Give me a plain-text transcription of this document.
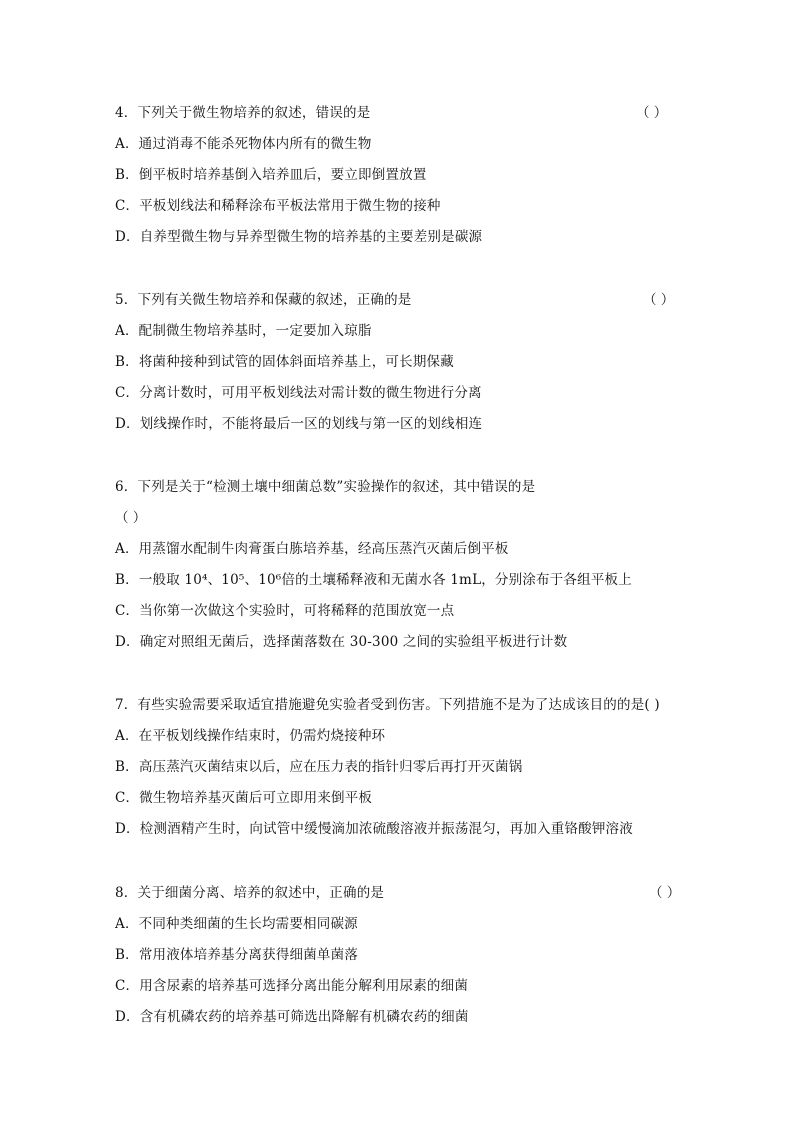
4．下列关于微生物培养的叙述，错误的是	（ ）
A．通过消毒不能杀死物体内所有的微生物
B．倒平板时培养基倒入培养皿后，要立即倒置放置
C．平板划线法和稀释涂布平板法常用于微生物的接种
D．自养型微生物与异养型微生物的培养基的主要差别是碳源
5．下列有关微生物培养和保藏的叙述，正确的是	（ ）
A．配制微生物培养基时，一定要加入琼脂
B．将菌种接种到试管的固体斜面培养基上，可长期保藏
C．分离计数时，可用平板划线法对需计数的微生物进行分离
D．划线操作时，不能将最后一区的划线与第一区的划线相连
6．下列是关于“检测土壤中细菌总数”实验操作的叙述，其中错误的是
（ ）
A．用蒸馏水配制牛肉膏蛋白胨培养基，经高压蒸汽灭菌后倒平板
B．一般取 10⁴、10⁵、10⁶倍的土壤稀释液和无菌水各 1mL，分别涂布于各组平板上
C．当你第一次做这个实验时，可将稀释的范围放宽一点
D．确定对照组无菌后，选择菌落数在 30-300 之间的实验组平板进行计数
7．有些实验需要采取适宜措施避免实验者受到伤害。下列措施不是为了达成该目的的是( )
A．在平板划线操作结束时，仍需灼烧接种环
B．高压蒸汽灭菌结束以后，应在压力表的指针归零后再打开灭菌锅
C．微生物培养基灭菌后可立即用来倒平板
D．检测酒精产生时，向试管中缓慢滴加浓硫酸溶液并振荡混匀，再加入重铬酸钾溶液
8．关于细菌分离、培养的叙述中，正确的是	（ ）
A．不同种类细菌的生长均需要相同碳源
B．常用液体培养基分离获得细菌单菌落
C．用含尿素的培养基可选择分离出能分解利用尿素的细菌
D．含有机磷农药的培养基可筛选出降解有机磷农药的细菌
